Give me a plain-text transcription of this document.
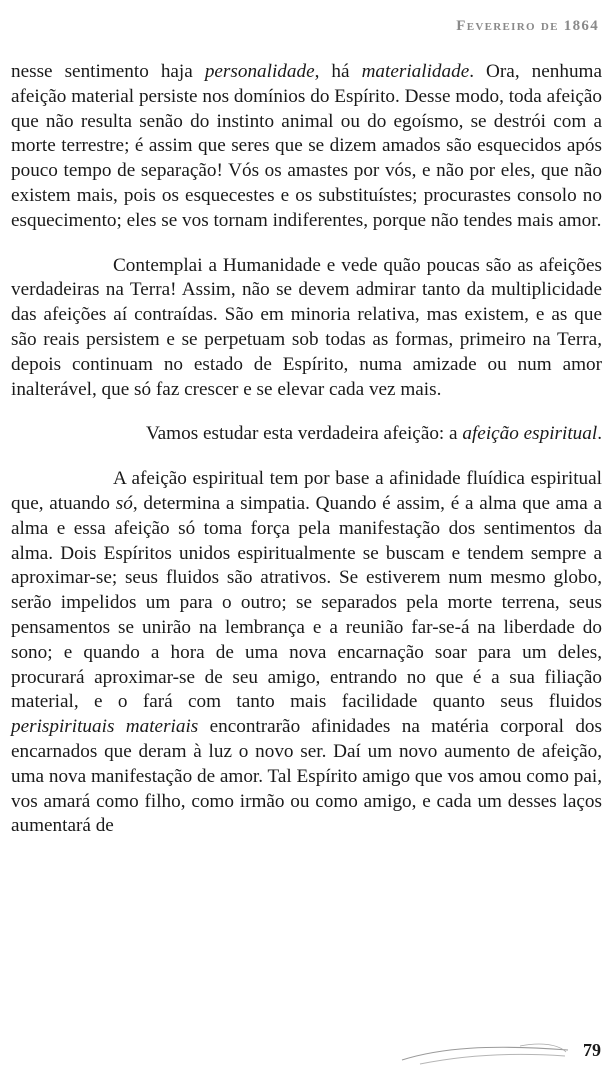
Fevereiro de 1864

nesse sentimento haja personalidade, há materialidade. Ora, nenhuma afeição material persiste nos domínios do Espírito. Desse modo, toda afeição que não resulta senão do instinto animal ou do egoísmo, se destrói com a morte terrestre; é assim que seres que se dizem amados são esquecidos após pouco tempo de separação! Vós os amastes por vós, e não por eles, que não existem mais, pois os esquecestes e os substituístes; procurastes consolo no esquecimento; eles se vos tornam indiferentes, porque não tendes mais amor.

Contemplai a Humanidade e vede quão poucas são as afeições verdadeiras na Terra! Assim, não se devem admirar tanto da multiplicidade das afeições aí contraídas. São em minoria relativa, mas existem, e as que são reais persistem e se perpetuam sob todas as formas, primeiro na Terra, depois continuam no estado de Espírito, numa amizade ou num amor inalterável, que só faz crescer e se elevar cada vez mais.

Vamos estudar esta verdadeira afeição: a afeição espiritual.

A afeição espiritual tem por base a afinidade fluídica espiritual que, atuando só, determina a simpatia. Quando é assim, é a alma que ama a alma e essa afeição só toma força pela manifestação dos sentimentos da alma. Dois Espíritos unidos espiritualmente se buscam e tendem sempre a aproximar-se; seus fluidos são atrativos. Se estiverem num mesmo globo, serão impelidos um para o outro; se separados pela morte terrena, seus pensamentos se unirão na lembrança e a reunião far-se-á na liberdade do sono; e quando a hora de uma nova encarnação soar para um deles, procurará aproximar-se de seu amigo, entrando no que é a sua filiação material, e o fará com tanto mais facilidade quanto seus fluidos perispirituais materiais encontrarão afinidades na matéria corporal dos encarnados que deram à luz o novo ser. Daí um novo aumento de afeição, uma nova manifestação de amor. Tal Espírito amigo que vos amou como pai, vos amará como filho, como irmão ou como amigo, e cada um desses laços aumentará de

79
